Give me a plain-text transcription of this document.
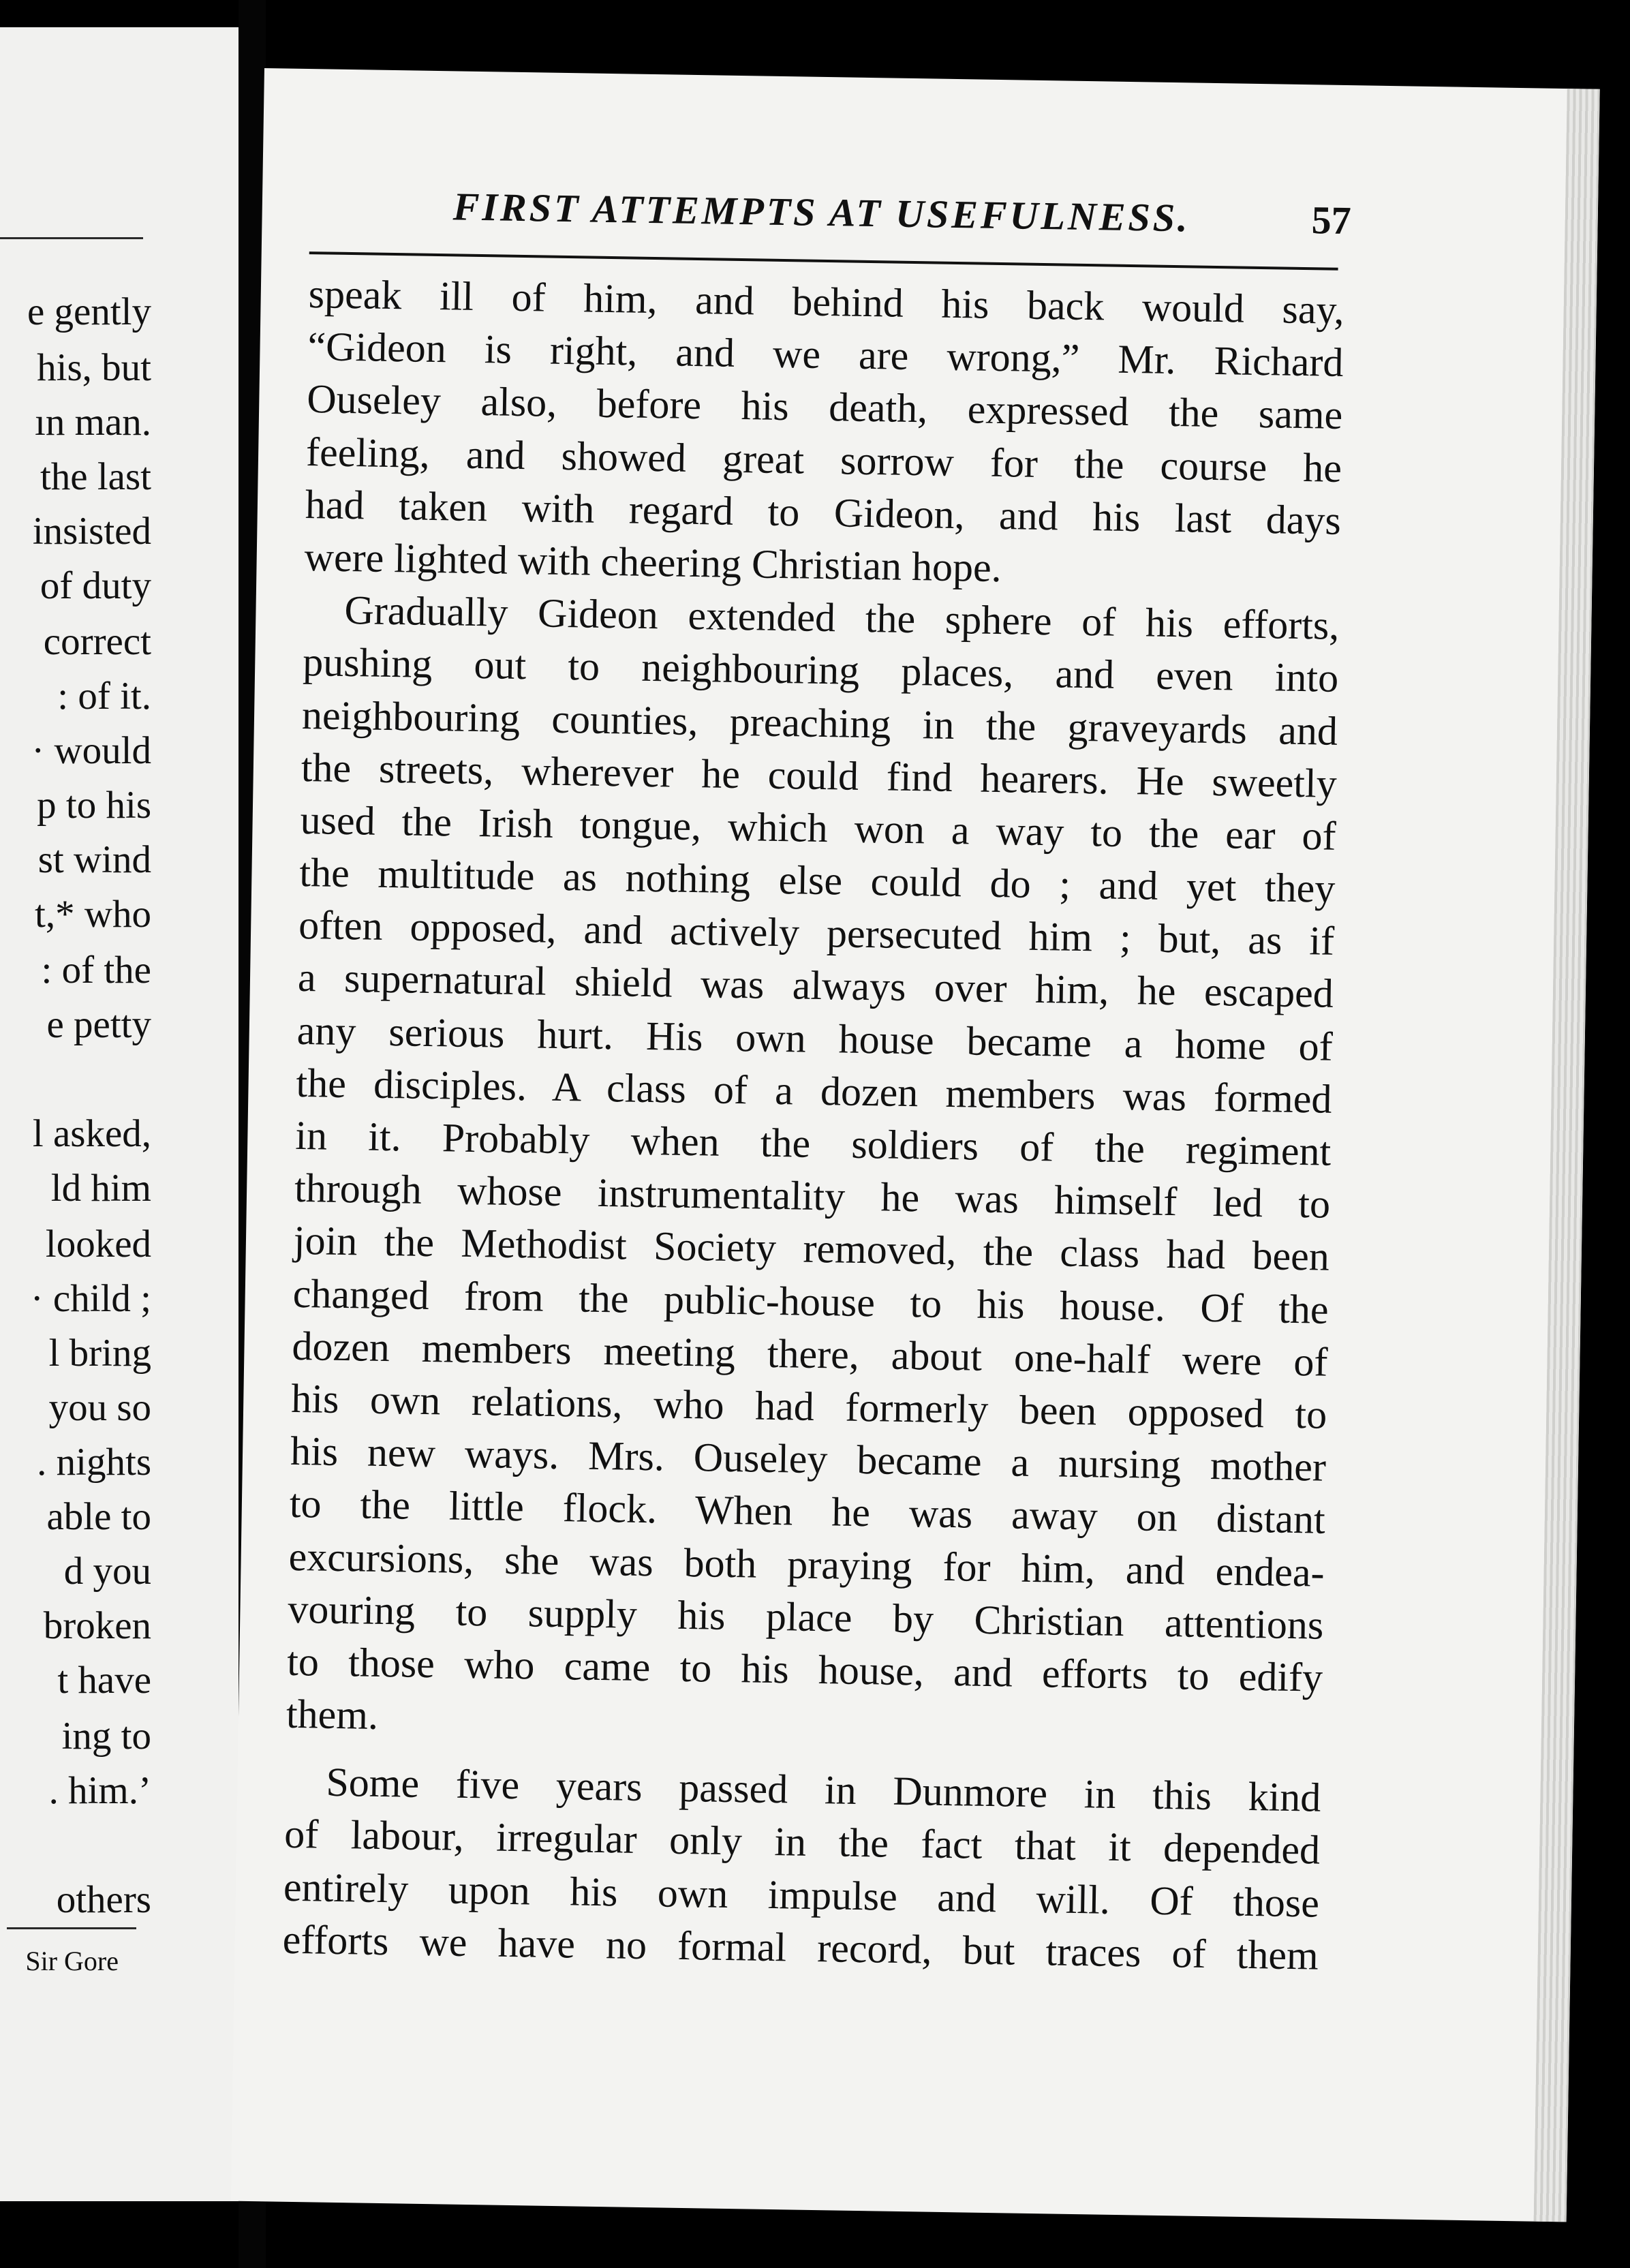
e gently
his, but
ın man.
the last
insisted
of duty
correct
: of it.
· would
p to his
st wind
t,* who
: of the
e petty
l asked,
ld him
looked
· child ;
l bring
you so
. nights
able to
d you
broken
t have
ing to
. him.’
others
Sir Gore
FIRST ATTEMPTS AT USEFULNESS.	57
speak ill of him, and behind his back would say,
“Gideon is right, and we are wrong,” Mr. Richard
Ouseley also, before his death, expressed the same
feeling, and showed great sorrow for the course he
had taken with regard to Gideon, and his last days
were lighted with cheering Christian hope.
Gradually Gideon extended the sphere of his efforts,
pushing out to neighbouring places, and even into
neighbouring counties, preaching in the graveyards and
the streets, wherever he could find hearers. He sweetly
used the Irish tongue, which won a way to the ear of
the multitude as nothing else could do ; and yet they
often opposed, and actively persecuted him ; but, as if
a supernatural shield was always over him, he escaped
any serious hurt. His own house became a home of
the disciples. A class of a dozen members was formed
in it. Probably when the soldiers of the regiment
through whose instrumentality he was himself led to
join the Methodist Society removed, the class had been
changed from the public-house to his house. Of the
dozen members meeting there, about one-half were of
his own relations, who had formerly been opposed to
his new ways. Mrs. Ouseley became a nursing mother
to the little flock. When he was away on distant
excursions, she was both praying for him, and endea-
vouring to supply his place by Christian attentions
to those who came to his house, and efforts to edify
them.
Some five years passed in Dunmore in this kind
of labour, irregular only in the fact that it depended
entirely upon his own impulse and will. Of those
efforts we have no formal record, but traces of them
